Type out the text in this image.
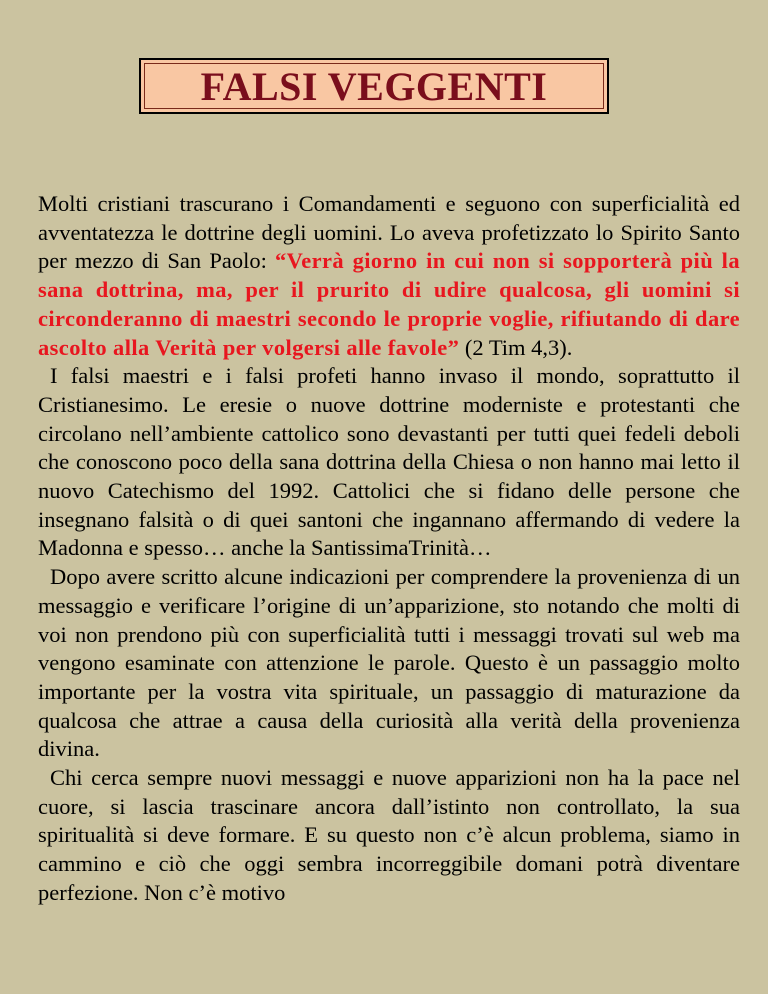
FALSI VEGGENTI

Molti cristiani trascurano i Comandamenti e seguono con superficialità ed avventatezza le dottrine degli uomini. Lo aveva profetizzato lo Spirito Santo per mezzo di San Paolo: “Verrà giorno in cui non si sopporterà più la sana dottrina, ma, per il prurito di udire qualcosa, gli uomini si circonderanno di maestri secondo le proprie voglie, rifiutando di dare ascolto alla Verità per volgersi alle favole” (2 Tim 4,3).

I falsi maestri e i falsi profeti hanno invaso il mondo, soprattutto il Cristianesimo. Le eresie o nuove dottrine moderniste e protestanti che circolano nell’ambiente cattolico sono devastanti per tutti quei fedeli deboli che conoscono poco della sana dottrina della Chiesa o non hanno mai letto il nuovo Catechismo del 1992. Cattolici che si fidano delle persone che insegnano falsità o di quei santoni che ingannano affermando di vedere la Madonna e spesso… anche la SantissimaTrinità…

Dopo avere scritto alcune indicazioni per comprendere la provenienza di un messaggio e verificare l’origine di un’apparizione, sto notando che molti di voi non prendono più con superficialità tutti i messaggi trovati sul web ma vengono esaminate con attenzione le parole. Questo è un passaggio molto importante per la vostra vita spirituale, un passaggio di maturazione da qualcosa che attrae a causa della curiosità alla verità della provenienza divina.

Chi cerca sempre nuovi messaggi e nuove apparizioni non ha la pace nel cuore, si lascia trascinare ancora dall’istinto non controllato, la sua spiritualità si deve formare. E su questo non c’è alcun problema, siamo in cammino e ciò che oggi sembra incorreggibile domani potrà diventare perfezione. Non c’è motivo
